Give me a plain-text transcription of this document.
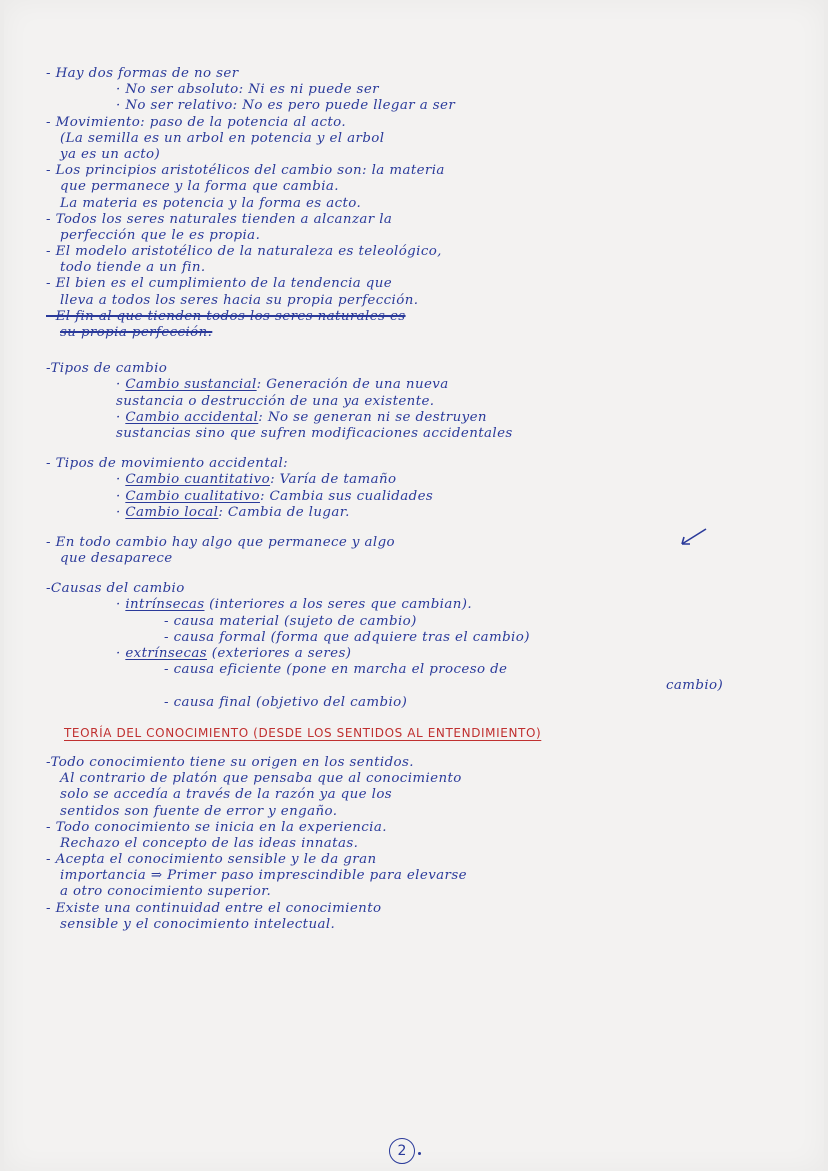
- Hay dos formas de no ser
· No ser absoluto: Ni es ni puede ser
· No ser relativo: No es pero puede llegar a ser
- Movimiento: paso de la potencia al acto.
(La semilla es un arbol en potencia y el arbol
ya es un acto)
- Los principios aristotélicos del cambio son: la materia
que permanece y la forma que cambia.
La materia es potencia y la forma es acto.
- Todos los seres naturales tienden a alcanzar la
perfección que le es propia.
- El modelo aristotélico de la naturaleza es teleológico,
todo tiende a un fin.
- El bien es el cumplimiento de la tendencia que
lleva a todos los seres hacia su propia perfección.
- El fin al que tienden todos los seres naturales es
su propia perfección.
-Tipos de cambio
· Cambio sustancial: Generación de una nueva
sustancia o destrucción de una ya existente.
· Cambio accidental: No se generan ni se destruyen
sustancias sino que sufren modificaciones accidentales
- Tipos de movimiento accidental:
· Cambio cuantitativo: Varía de tamaño
· Cambio cualitativo: Cambia sus cualidades
· Cambio local: Cambia de lugar.
- En todo cambio hay algo que permanece y algo
que desaparece
-Causas del cambio
· intrínsecas (interiores a los seres que cambian).
- causa material (sujeto de cambio)
- causa formal (forma que adquiere tras el cambio)
· extrínsecas (exteriores a seres)
- causa eficiente (pone en marcha el proceso de
cambio)
- causa final (objetivo del cambio)
TEORÍA DEL CONOCIMIENTO (DESDE LOS SENTIDOS AL ENTENDIMIENTO)
-Todo conocimiento tiene su origen en los sentidos.
Al contrario de platón que pensaba que al conocimiento
solo se accedía a través de la razón ya que los
sentidos son fuente de error y engaño.
- Todo conocimiento se inicia en la experiencia.
Rechazo el concepto de las ideas innatas.
- Acepta el conocimiento sensible y le da gran
importancia ⇒ Primer paso imprescindible para elevarse
a otro conocimiento superior.
- Existe una continuidad entre el conocimiento
sensible y el conocimiento intelectual.
2
